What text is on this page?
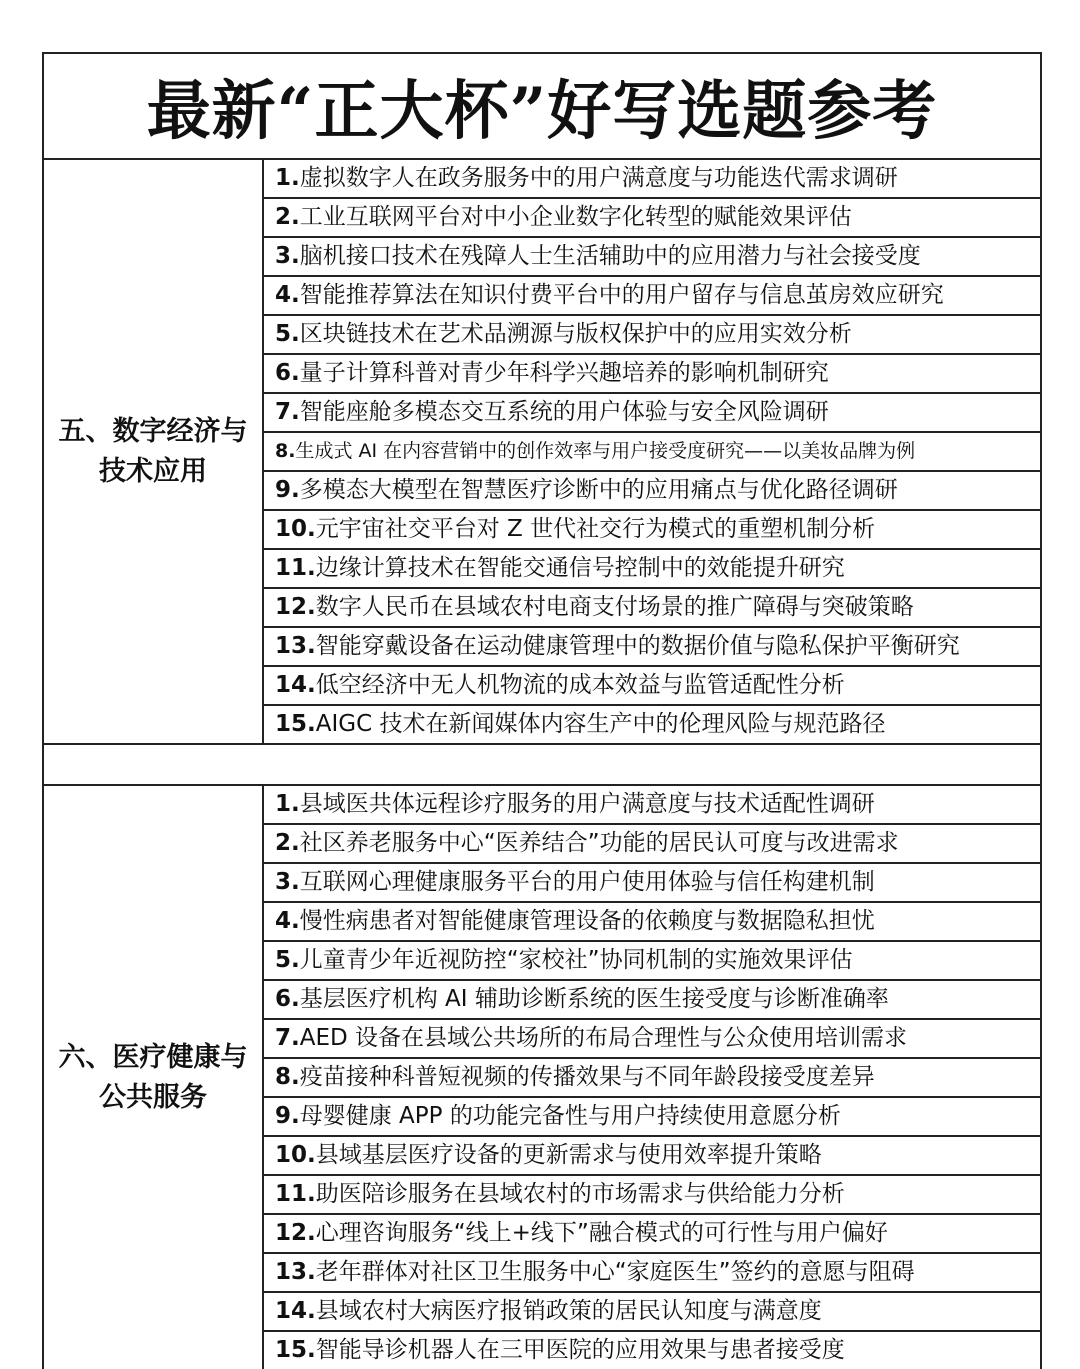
最新“正大杯”好写选题参考
五、数字经济与技术应用
1.虚拟数字人在政务服务中的用户满意度与功能迭代需求调研
2.工业互联网平台对中小企业数字化转型的赋能效果评估
3.脑机接口技术在残障人士生活辅助中的应用潜力与社会接受度
4.智能推荐算法在知识付费平台中的用户留存与信息茧房效应研究
5.区块链技术在艺术品溯源与版权保护中的应用实效分析
6.量子计算科普对青少年科学兴趣培养的影响机制研究
7.智能座舱多模态交互系统的用户体验与安全风险调研
8.生成式 AI 在内容营销中的创作效率与用户接受度研究——以美妆品牌为例
9.多模态大模型在智慧医疗诊断中的应用痛点与优化路径调研
10.元宇宙社交平台对 Z 世代社交行为模式的重塑机制分析
11.边缘计算技术在智能交通信号控制中的效能提升研究
12.数字人民币在县域农村电商支付场景的推广障碍与突破策略
13.智能穿戴设备在运动健康管理中的数据价值与隐私保护平衡研究
14.低空经济中无人机物流的成本效益与监管适配性分析
15.AIGC 技术在新闻媒体内容生产中的伦理风险与规范路径
六、医疗健康与公共服务
1.县域医共体远程诊疗服务的用户满意度与技术适配性调研
2.社区养老服务中心“医养结合”功能的居民认可度与改进需求
3.互联网心理健康服务平台的用户使用体验与信任构建机制
4.慢性病患者对智能健康管理设备的依赖度与数据隐私担忧
5.儿童青少年近视防控“家校社”协同机制的实施效果评估
6.基层医疗机构 AI 辅助诊断系统的医生接受度与诊断准确率
7.AED 设备在县域公共场所的布局合理性与公众使用培训需求
8.疫苗接种科普短视频的传播效果与不同年龄段接受度差异
9.母婴健康 APP 的功能完备性与用户持续使用意愿分析
10.县域基层医疗设备的更新需求与使用效率提升策略
11.助医陪诊服务在县域农村的市场需求与供给能力分析
12.心理咨询服务“线上+线下”融合模式的可行性与用户偏好
13.老年群体对社区卫生服务中心“家庭医生”签约的意愿与阻碍
14.县域农村大病医疗报销政策的居民认知度与满意度
15.智能导诊机器人在三甲医院的应用效果与患者接受度
